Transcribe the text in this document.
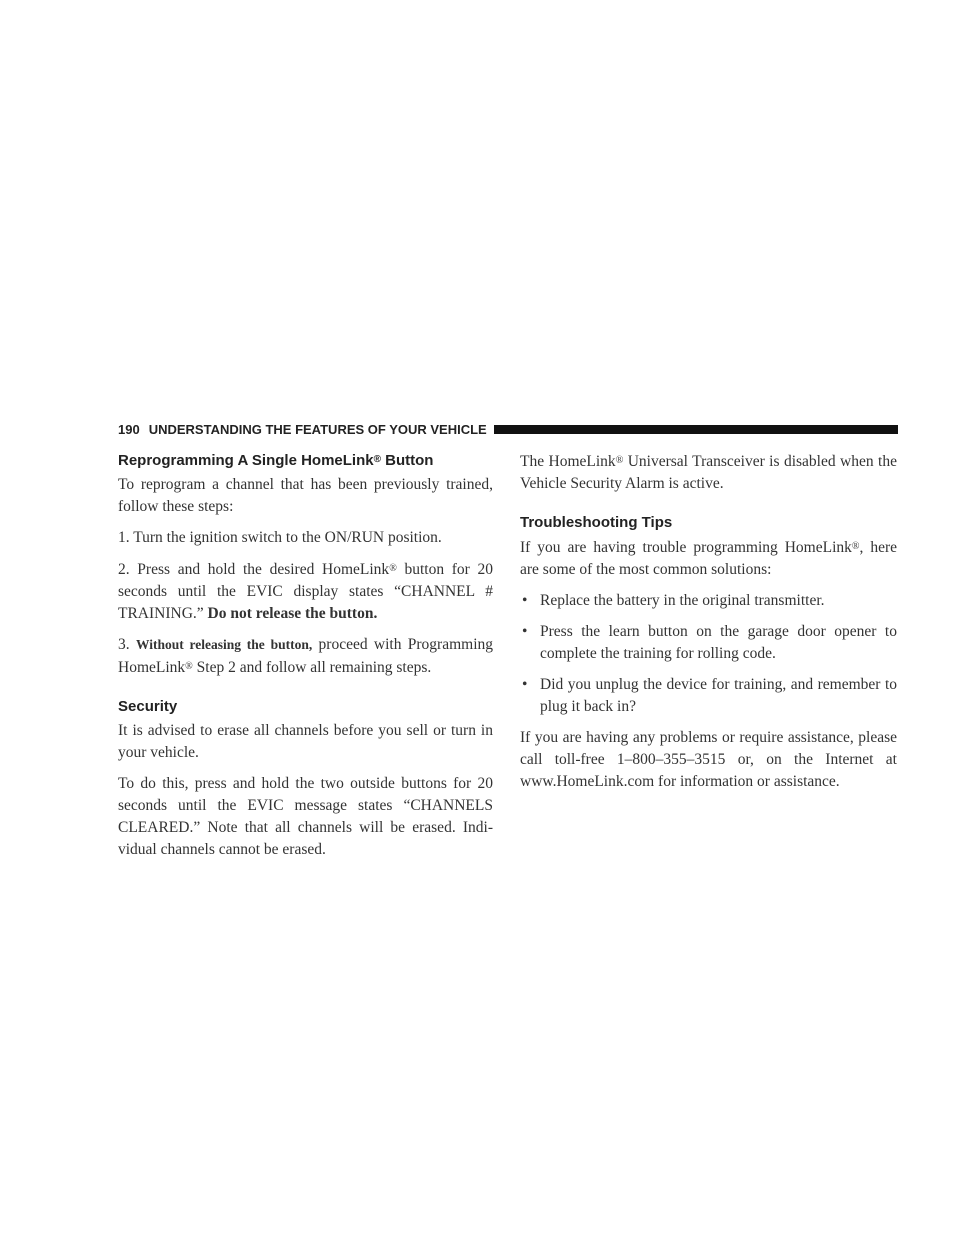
190 UNDERSTANDING THE FEATURES OF YOUR VEHICLE
Reprogramming A Single HomeLink® Button

To reprogram a channel that has been previously trained, follow these steps:

1. Turn the ignition switch to the ON/RUN position.

2. Press and hold the desired HomeLink® button for 20 seconds until the EVIC display states “CHANNEL # TRAINING.” Do not release the button.

3. Without releasing the button, proceed with Programming HomeLink® Step 2 and follow all remaining steps.

Security

It is advised to erase all channels before you sell or turn in your vehicle.

To do this, press and hold the two outside buttons for 20 seconds until the EVIC message states “CHANNELS CLEARED.” Note that all channels will be erased. Individual channels cannot be erased.

The HomeLink® Universal Transceiver is disabled when the Vehicle Security Alarm is active.

Troubleshooting Tips

If you are having trouble programming HomeLink®, here are some of the most common solutions:

• Replace the battery in the original transmitter.
• Press the learn button on the garage door opener to complete the training for rolling code.
• Did you unplug the device for training, and remember to plug it back in?

If you are having any problems or require assistance, please call toll-free 1–800–355–3515 or, on the Internet at www.HomeLink.com for information or assistance.
